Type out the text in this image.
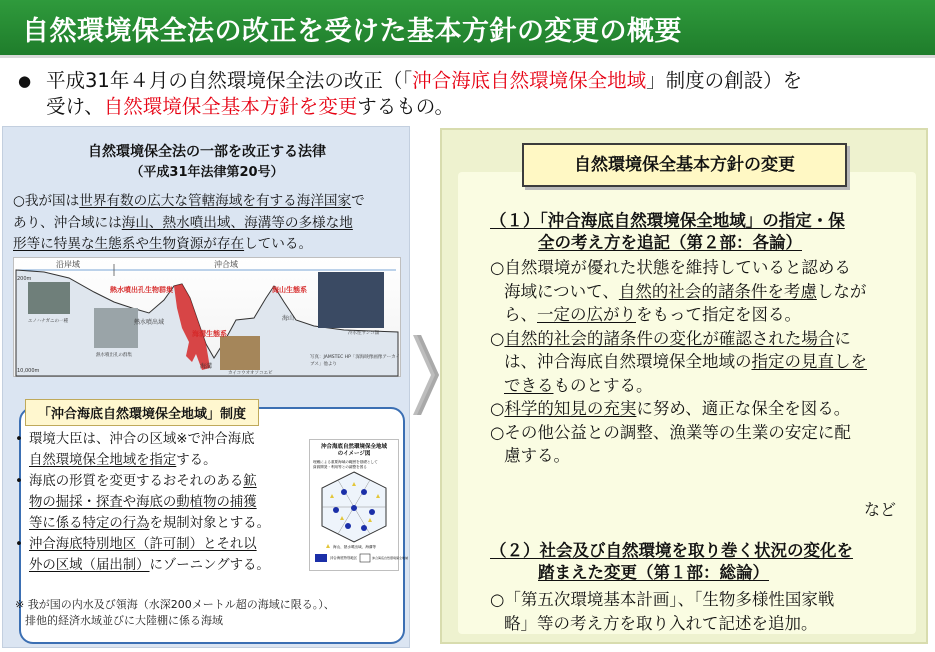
自然環境保全法の改正を受けた基本方針の変更の概要
● 平成31年４月の自然環境保全法の改正（「沖合海底自然環境保全地域」制度の創設）を
受け、自然環境保全基本方針を変更するもの。
自然環境保全法の一部を改正する法律
（平成31年法律第20号）
○我が国は世界有数の広大な管轄海域を有する海洋国家で
あり、沖合域には海山、熱水噴出域、海溝等の多様な地
形等に特異な生態系や生物資源が存在している。
沿岸域	沖合域
200m
10,000m
熱水噴出孔生物群集
熱水噴出域
海山生態系
海溝生態系
海山
海溝
ユノハナガニの一種
熱水噴出孔の群集
カイコウオオソコエビ
冷水性サンゴ類
写真：JAMSTEC HP「深海映像画像アーカイ
ブス」他より
「沖合海底自然環境保全地域」制度
• 環境大臣は、沖合の区域※で沖合海底
自然環境保全地域を指定する。
• 海底の形質を変更するおそれのある鉱
物の掘採・探査や海底の動植物の捕獲
等に係る特定の行為を規制対象とする。
• 沖合海底特別地区（許可制）とそれ以
外の区域（届出制）にゾーニングする。
沖合海底自然環境保全地域
のイメージ図
埋蔵による重要海域の範囲を基礎として
資源開発・利用等との調整を図る
海山、熱水噴出域、海溝等
沖合海底特別地区	沖合海底自然環境保全地域
※ 我が国の内水及び領海（水深200メートル超の海域に限る。）、
排他的経済水域並びに大陸棚に係る海域
（１）「沖合海底自然環境保全地域」の指定・保
全の考え方を追記（第２部：各論）
○自然環境が優れた状態を維持していると認める
海域について、自然的社会的諸条件を考慮しなが
ら、一定の広がりをもって指定を図る。
○自然的社会的諸条件の変化が確認された場合に
は、沖合海底自然環境保全地域の指定の見直しを
できるものとする。
○科学的知見の充実に努め、適正な保全を図る。
○その他公益との調整、漁業等の生業の安定に配
慮する。
など
（２）社会及び自然環境を取り巻く状況の変化を
踏まえた変更（第１部：総論）
○「第五次環境基本計画」、「生物多様性国家戦
略」等の考え方を取り入れて記述を追加。
自然環境保全基本方針の変更
